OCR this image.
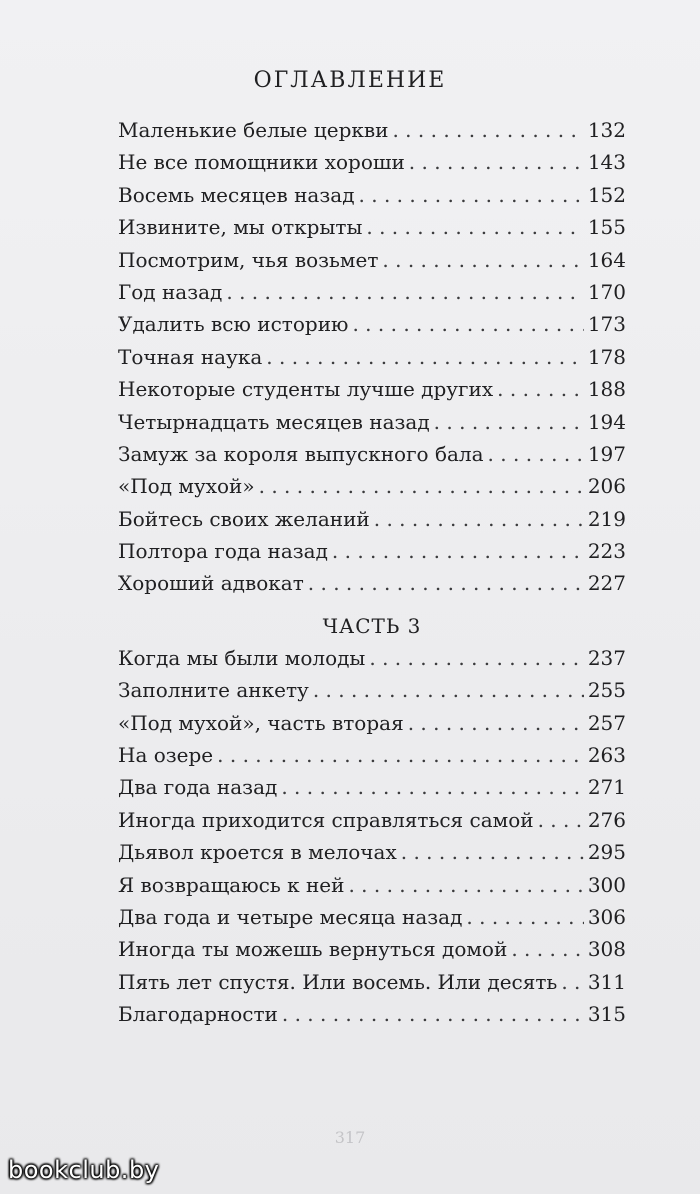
ОГЛАВЛЕНИЕ
Маленькие белые церкви . . .	132
Не все помощники хороши . . .	143
Восемь месяцев назад . . .	152
Извините, мы открыты . . .	155
Посмотрим, чья возьмет . . .	164
Год назад . . .	170
Удалить всю историю . . .	173
Точная наука . . .	178
Некоторые студенты лучше других . . .	188
Четырнадцать месяцев назад . . .	194
Замуж за короля выпускного бала . . .	197
«Под мухой» . . .	206
Бойтесь своих желаний . . .	219
Полтора года назад . . .	223
Хороший адвокат . . .	227
ЧАСТЬ 3
Когда мы были молоды . . .	237
Заполните анкету . . .	255
«Под мухой», часть вторая . . .	257
На озере . . .	263
Два года назад . . .	271
Иногда приходится справляться самой . . .	276
Дьявол кроется в мелочах . . .	295
Я возвращаюсь к ней . . .	300
Два года и четыре месяца назад . . .	306
Иногда ты можешь вернуться домой . . .	308
Пять лет спустя. Или восемь. Или десять . . . 311
Благодарности . . .	315
317
bookclub.by
